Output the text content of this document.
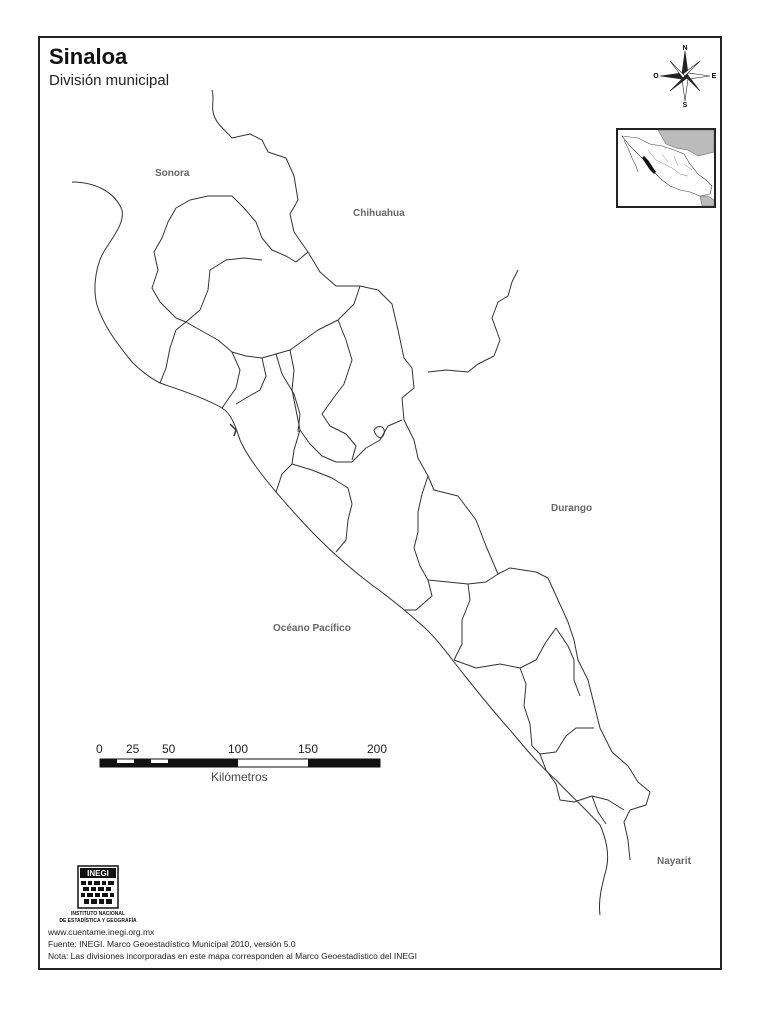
Sinaloa
División municipal
Sonora
Chihuahua
Durango
Océano Pacífico
Nayarit
N
S
E
O
0 25 50	100	150	200
Kilómetros
INEGI
INSTITUTO NACIONAL
DE ESTADÍSTICA Y GEOGRAFÍA
www.cuentame.inegi.org.mx
Fuente: INEGI. Marco Geoestadístico Municipal 2010, versión 5.0
Nota: Las divisiones incorporadas en este mapa corresponden al Marco Geoestadístico del INEGI
